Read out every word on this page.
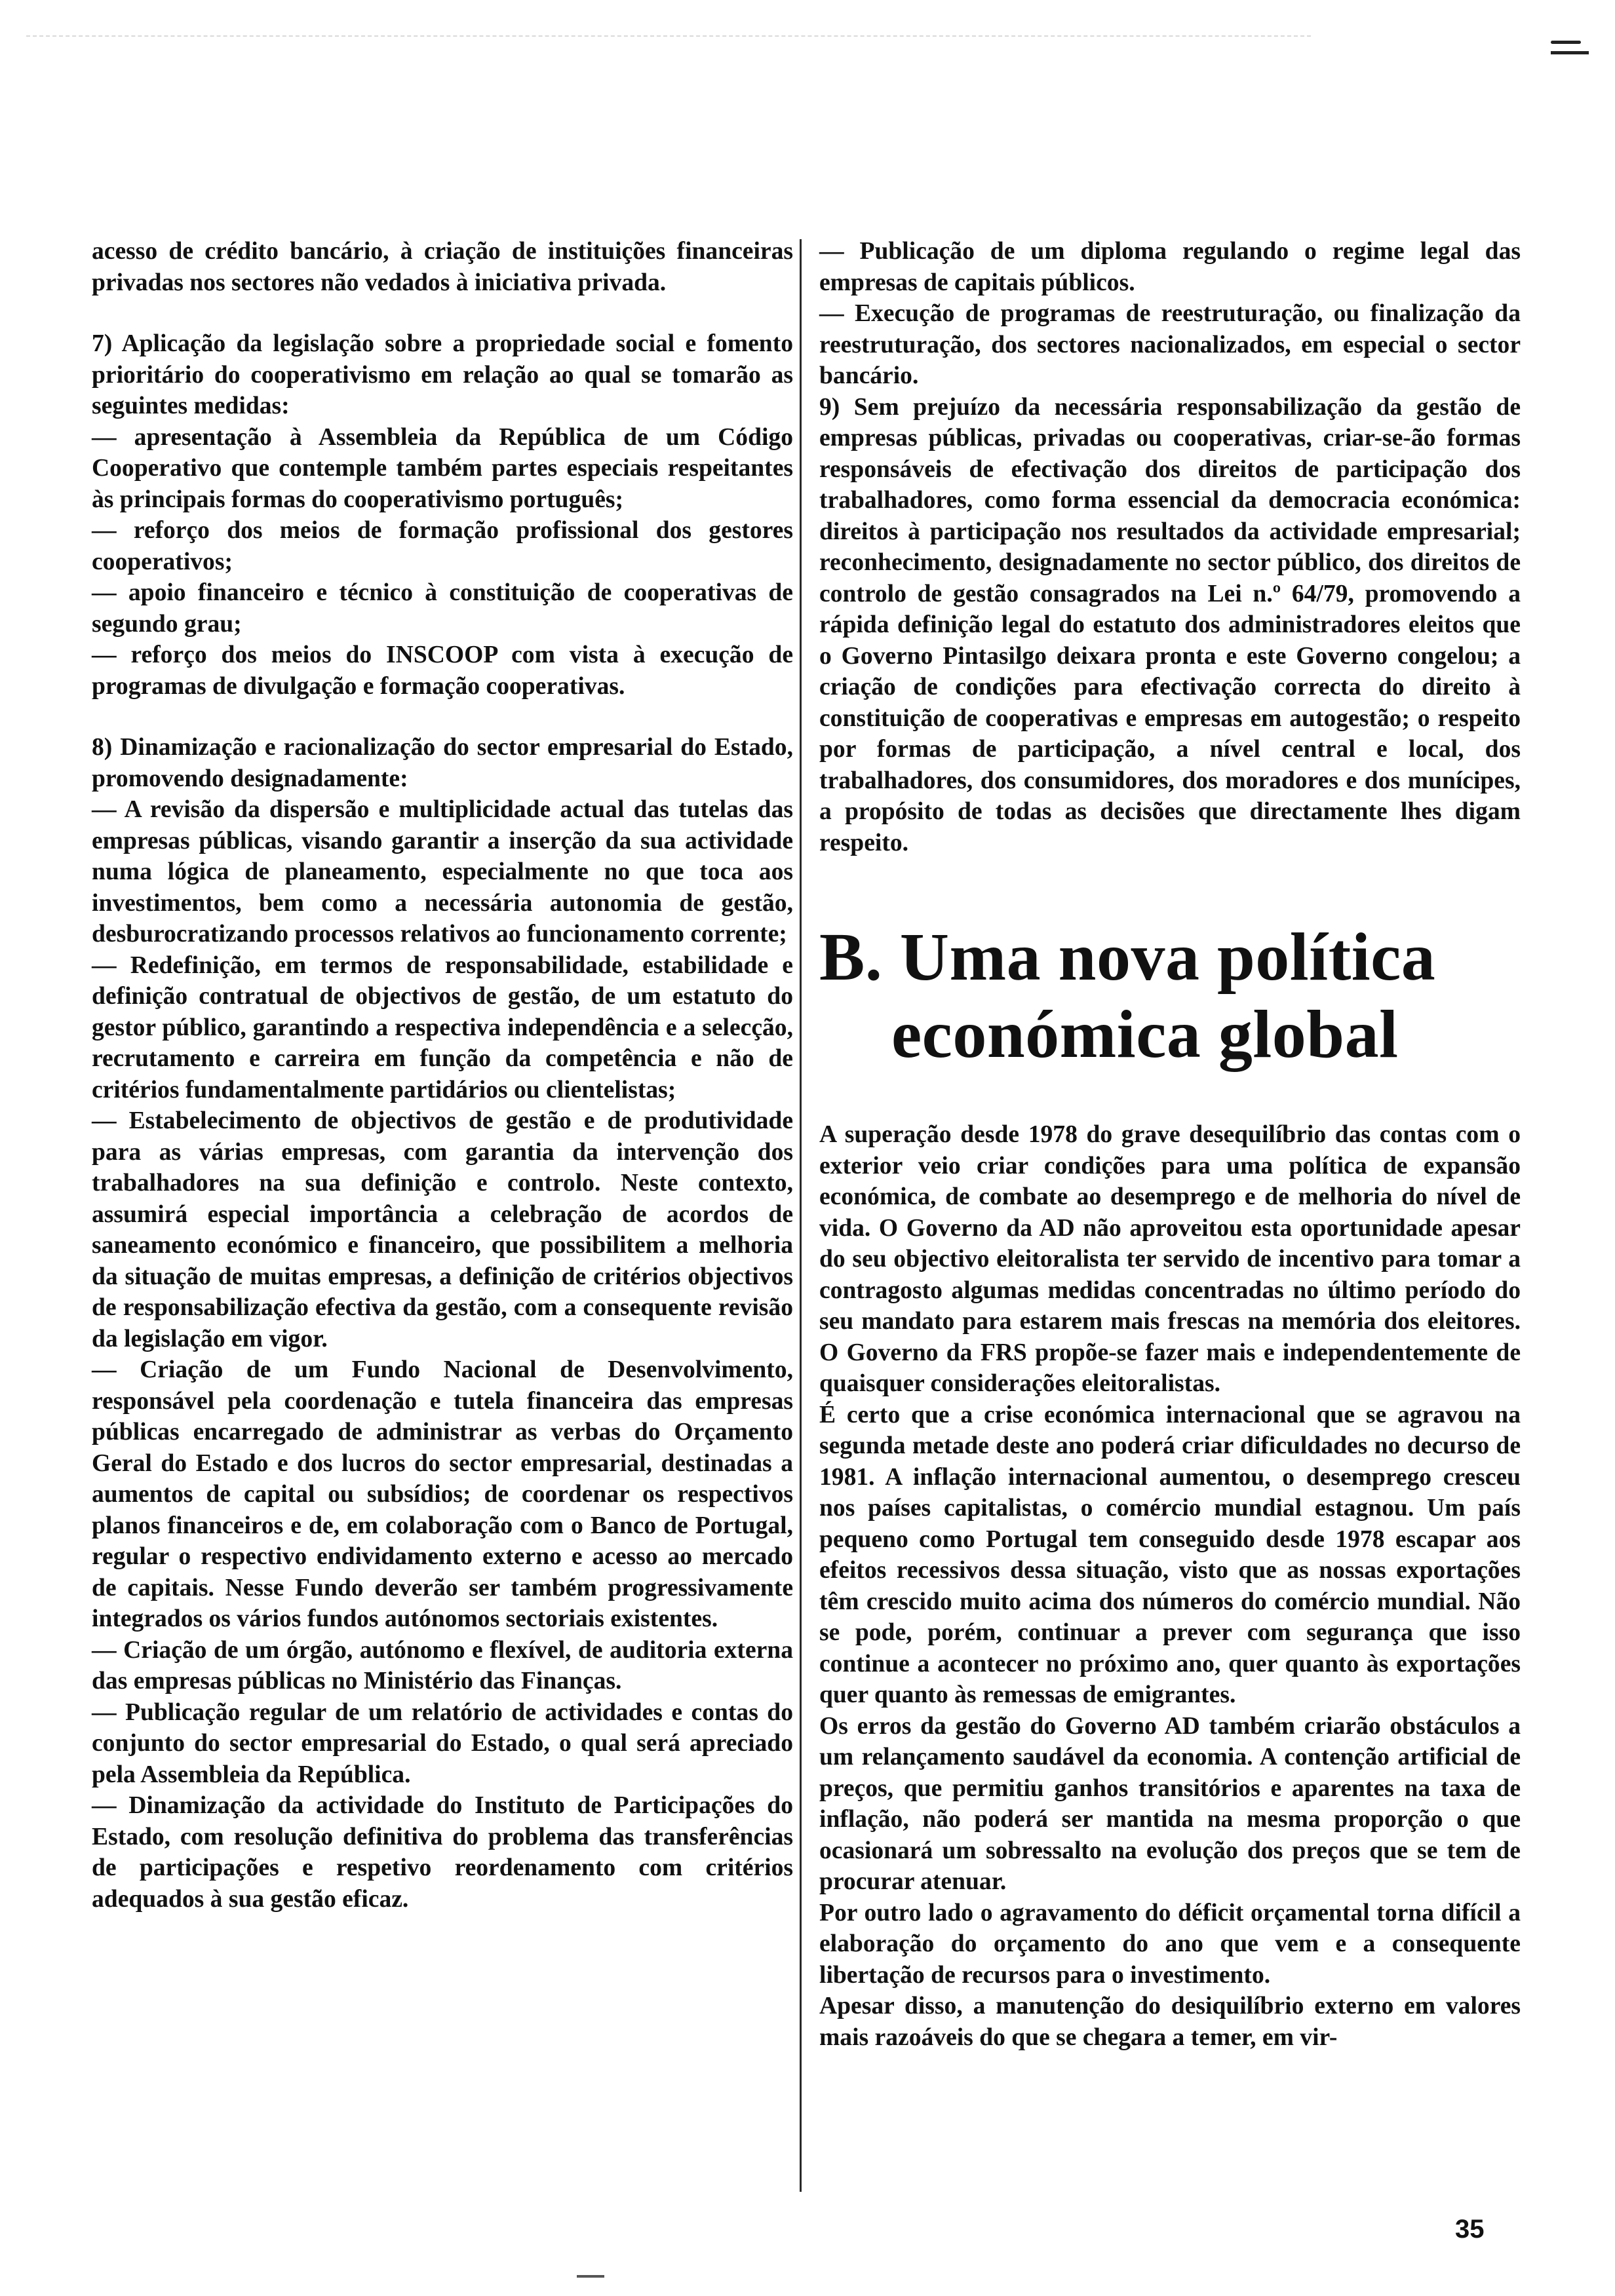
acesso de crédito bancário, à criação de instituições financeiras privadas nos sectores não vedados à iniciativa privada.

7) Aplicação da legislação sobre a propriedade social e fomento prioritário do cooperativismo em relação ao qual se tomarão as seguintes medidas:

— apresentação à Assembleia da República de um Código Cooperativo que contemple também partes especiais respeitantes às principais formas do cooperativismo português;

— reforço dos meios de formação profissional dos gestores cooperativos;

— apoio financeiro e técnico à constituição de cooperativas de segundo grau;

— reforço dos meios do INSCOOP com vista à execução de programas de divulgação e formação cooperativas.

8) Dinamização e racionalização do sector empresarial do Estado, promovendo designadamente:

— A revisão da dispersão e multiplicidade actual das tutelas das empresas públicas, visando garantir a inserção da sua actividade numa lógica de planeamento, especialmente no que toca aos investimentos, bem como a necessária autonomia de gestão, desburocratizando processos relativos ao funcionamento corrente;

— Redefinição, em termos de responsabilidade, estabilidade e definição contratual de objectivos de gestão, de um estatuto do gestor público, garantindo a respectiva independência e a selecção, recrutamento e carreira em função da competência e não de critérios fundamentalmente partidários ou clientelistas;

— Estabelecimento de objectivos de gestão e de produtividade para as várias empresas, com garantia da intervenção dos trabalhadores na sua definição e controlo. Neste contexto, assumirá especial importância a celebração de acordos de saneamento económico e financeiro, que possibilitem a melhoria da situação de muitas empresas, a definição de critérios objectivos de responsabilização efectiva da gestão, com a consequente revisão da legislação em vigor.

— Criação de um Fundo Nacional de Desenvolvimento, responsável pela coordenação e tutela financeira das empresas públicas encarregado de administrar as verbas do Orçamento Geral do Estado e dos lucros do sector empresarial, destinadas a aumentos de capital ou subsídios; de coordenar os respectivos planos financeiros e de, em colaboração com o Banco de Portugal, regular o respectivo endividamento externo e acesso ao mercado de capitais. Nesse Fundo deverão ser também progressivamente integrados os vários fundos autónomos sectoriais existentes.

— Criação de um órgão, autónomo e flexível, de auditoria externa das empresas públicas no Ministério das Finanças.

— Publicação regular de um relatório de actividades e contas do conjunto do sector empresarial do Estado, o qual será apreciado pela Assembleia da República.

— Dinamização da actividade do Instituto de Participações do Estado, com resolução definitiva do problema das transferências de participações e respetivo reordenamento com critérios adequados à sua gestão eficaz.

— Publicação de um diploma regulando o regime legal das empresas de capitais públicos.

— Execução de programas de reestruturação, ou finalização da reestruturação, dos sectores nacionalizados, em especial o sector bancário.

9) Sem prejuízo da necessária responsabilização da gestão de empresas públicas, privadas ou cooperativas, criar-se-ão formas responsáveis de efectivação dos direitos de participação dos trabalhadores, como forma essencial da democracia económica: direitos à participação nos resultados da actividade empresarial; reconhecimento, designadamente no sector público, dos direitos de controlo de gestão consagrados na Lei n.º 64/79, promovendo a rápida definição legal do estatuto dos administradores eleitos que o Governo Pintasilgo deixara pronta e este Governo congelou; a criação de condições para efectivação correcta do direito à constituição de cooperativas e empresas em autogestão; o respeito por formas de participação, a nível central e local, dos trabalhadores, dos consumidores, dos moradores e dos munícipes, a propósito de todas as decisões que directamente lhes digam respeito.

B. Uma nova política
económica global

A superação desde 1978 do grave desequilíbrio das contas com o exterior veio criar condições para uma política de expansão económica, de combate ao desemprego e de melhoria do nível de vida. O Governo da AD não aproveitou esta oportunidade apesar do seu objectivo eleitoralista ter servido de incentivo para tomar a contragosto algumas medidas concentradas no último período do seu mandato para estarem mais frescas na memória dos eleitores. O Governo da FRS propõe-se fazer mais e independentemente de quaisquer considerações eleitoralistas.

É certo que a crise económica internacional que se agravou na segunda metade deste ano poderá criar dificuldades no decurso de 1981. A inflação internacional aumentou, o desemprego cresceu nos países capitalistas, o comércio mundial estagnou. Um país pequeno como Portugal tem conseguido desde 1978 escapar aos efeitos recessivos dessa situação, visto que as nossas exportações têm crescido muito acima dos números do comércio mundial. Não se pode, porém, continuar a prever com segurança que isso continue a acontecer no próximo ano, quer quanto às exportações quer quanto às remessas de emigrantes.

Os erros da gestão do Governo AD também criarão obstáculos a um relançamento saudável da economia. A contenção artificial de preços, que permitiu ganhos transitórios e aparentes na taxa de inflação, não poderá ser mantida na mesma proporção o que ocasionará um sobressalto na evolução dos preços que se tem de procurar atenuar.

Por outro lado o agravamento do déficit orçamental torna difícil a elaboração do orçamento do ano que vem e a consequente libertação de recursos para o investimento.

Apesar disso, a manutenção do desiquilíbrio externo em valores mais razoáveis do que se chegara a temer, em vir-

35
